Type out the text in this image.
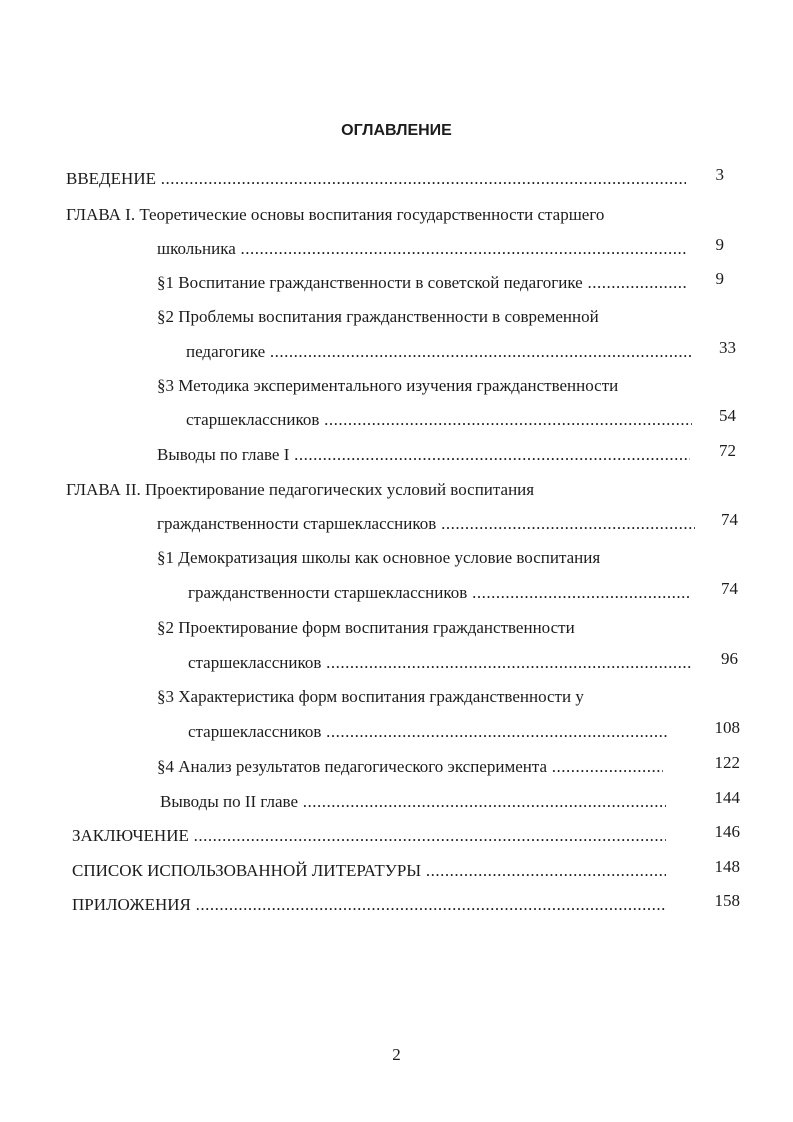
ОГЛАВЛЕНИЕ
ВВЕДЕНИЕ .....	3
ГЛАВА I. Теоретические основы воспитания государственности старшего
школьника .....	9
§1 Воспитание гражданственности в советской педагогике .....	9
§2 Проблемы воспитания гражданственности в современной
педагогике .....	33
§3 Методика экспериментального изучения гражданственности
старшеклассников .....	54
Выводы по главе I .....	72
ГЛАВА II. Проектирование педагогических условий воспитания
гражданственности старшеклассников .....	74
§1 Демократизация школы как основное условие воспитания
гражданственности старшеклассников .....	74
§2 Проектирование форм воспитания гражданственности
старшеклассников .....	96
§3 Характеристика форм воспитания гражданственности у
старшеклассников .....	108
§4 Анализ результатов педагогического эксперимента .....	122
Выводы по II главе .....	144
ЗАКЛЮЧЕНИЕ .....	146
СПИСОК ИСПОЛЬЗОВАННОЙ ЛИТЕРАТУРЫ .....	148
ПРИЛОЖЕНИЯ .....	158
2
